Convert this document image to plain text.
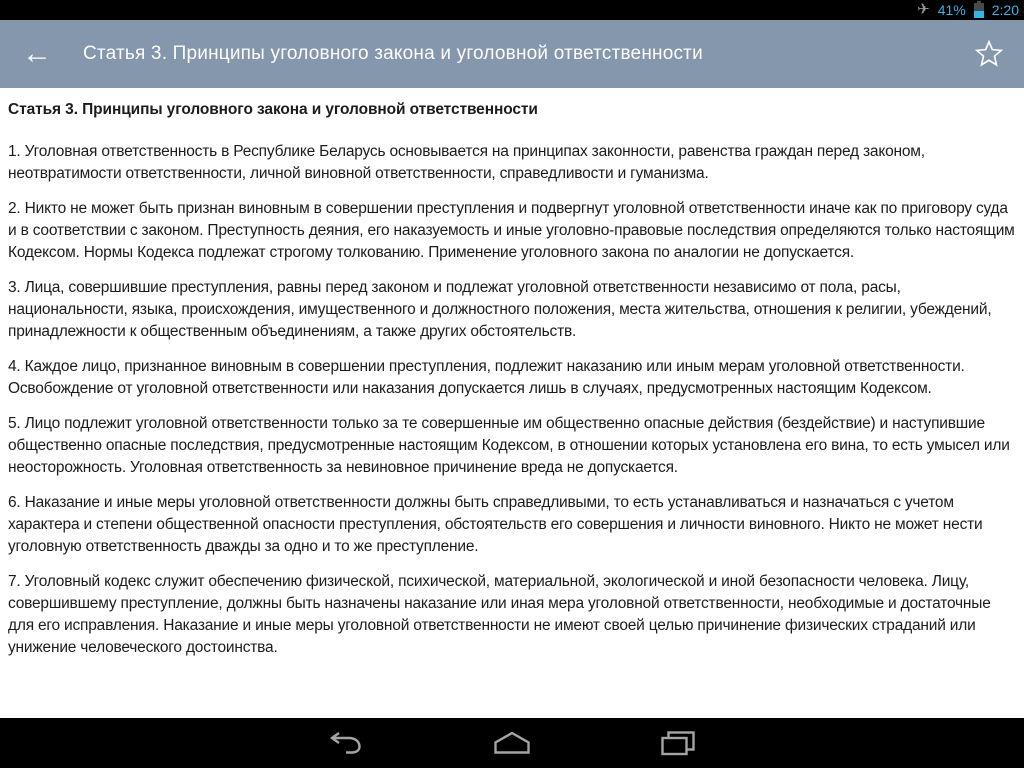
✈ 41% 2:20
← Статья 3. Принципы уголовного закона и уголовной ответственности
Статья 3. Принципы уголовного закона и уголовной ответственности

1. Уголовная ответственность в Республике Беларусь основывается на принципах законности, равенства граждан перед законом, неотвратимости ответственности, личной виновной ответственности, справедливости и гуманизма.

2. Никто не может быть признан виновным в совершении преступления и подвергнут уголовной ответственности иначе как по приговору суда и в соответствии с законом. Преступность деяния, его наказуемость и иные уголовно-правовые последствия определяются только настоящим Кодексом. Нормы Кодекса подлежат строгому толкованию. Применение уголовного закона по аналогии не допускается.

3. Лица, совершившие преступления, равны перед законом и подлежат уголовной ответственности независимо от пола, расы, национальности, языка, происхождения, имущественного и должностного положения, места жительства, отношения к религии, убеждений, принадлежности к общественным объединениям, а также других обстоятельств.

4. Каждое лицо, признанное виновным в совершении преступления, подлежит наказанию или иным мерам уголовной ответственности. Освобождение от уголовной ответственности или наказания допускается лишь в случаях, предусмотренных настоящим Кодексом.

5. Лицо подлежит уголовной ответственности только за те совершенные им общественно опасные действия (бездействие) и наступившие общественно опасные последствия, предусмотренные настоящим Кодексом, в отношении которых установлена его вина, то есть умысел или неосторожность. Уголовная ответственность за невиновное причинение вреда не допускается.

6. Наказание и иные меры уголовной ответственности должны быть справедливыми, то есть устанавливаться и назначаться с учетом характера и степени общественной опасности преступления, обстоятельств его совершения и личности виновного. Никто не может нести уголовную ответственность дважды за одно и то же преступление.

7. Уголовный кодекс служит обеспечению физической, психической, материальной, экологической и иной безопасности человека. Лицу, совершившему преступление, должны быть назначены наказание или иная мера уголовной ответственности, необходимые и достаточные для его исправления. Наказание и иные меры уголовной ответственности не имеют своей целью причинение физических страданий или унижение человеческого достоинства.
